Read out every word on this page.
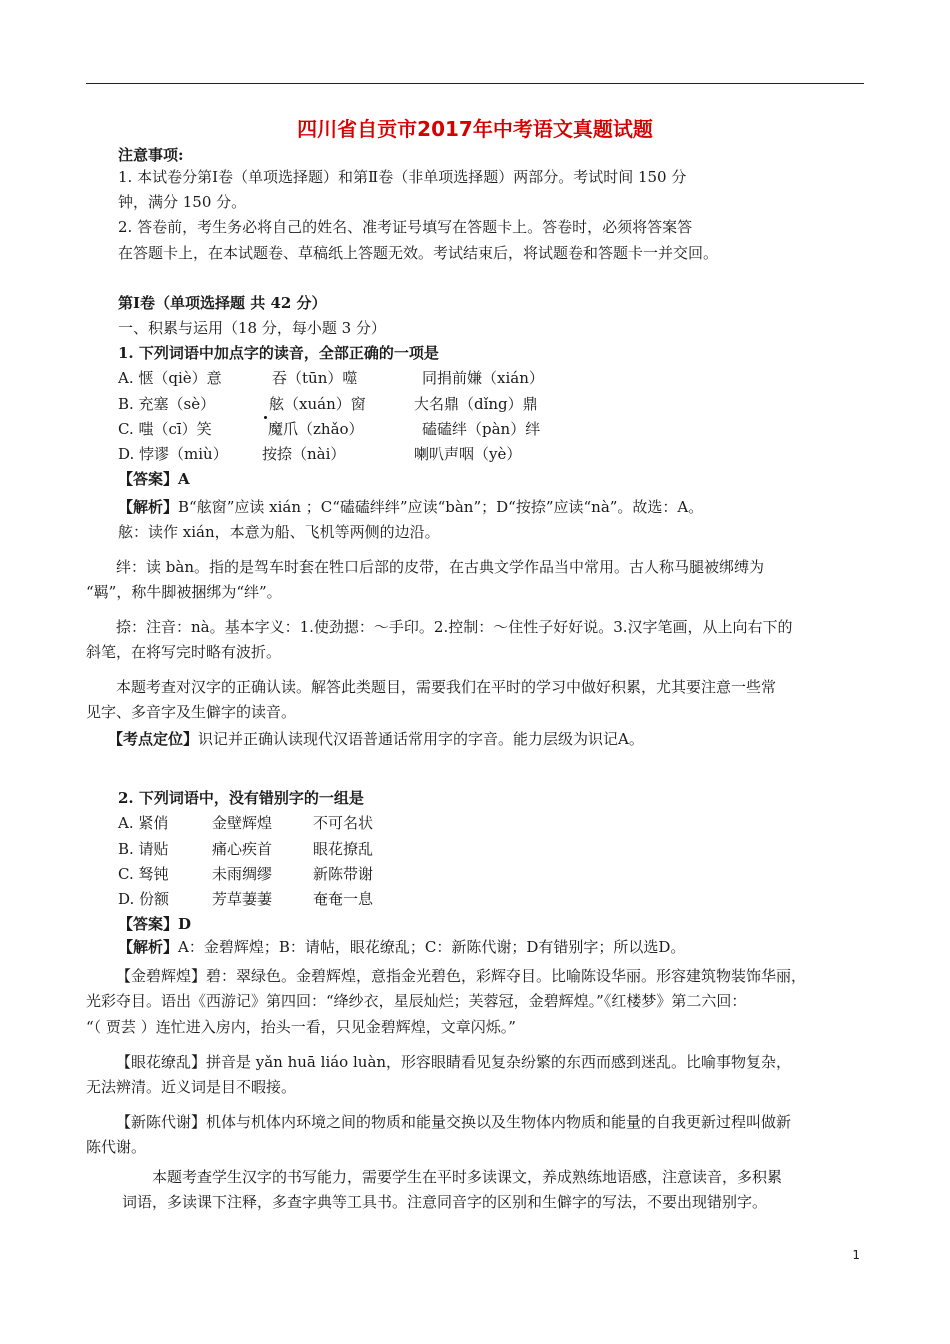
四川省自贡市2017年中考语文真题试题
注意事项:
1. 本试卷分第Ⅰ卷（单项选择题）和第Ⅱ卷（非单项选择题）两部分。考试时间 150 分
钟，满分 150 分。
2. 答卷前，考生务必将自己的姓名、准考证号填写在答题卡上。答卷时，必须将答案答
在答题卡上，在本试题卷、草稿纸上答题无效。考试结束后，将试题卷和答题卡一并交回。
第Ⅰ卷（单项选择题 共 42 分）
一、积累与运用（18 分，每小题 3 分）
1. 下列词语中加点字的读音，全部正确的一项是
A. 惬（qiè）意	吞（tūn）噬	同捐前嫌（xián）
B. 充塞（sè）	舷（xuán）窗	大名鼎（dǐng）鼎
C. 嗤（cī）笑	魔爪（zhǎo）	磕磕绊（pàn）绊
D. 悖谬（miù） 按捺（nài）	喇叭声咽（yè）
【答案】A
【解析】B“舷窗”应读 xián ；C“磕磕绊绊”应读“bàn”；D“按捺”应读“nà”。故选：A。
舷：读作 xián，本意为船、飞机等两侧的边沿。
绊：读 bàn。指的是驾车时套在牲口后部的皮带，在古典文学作品当中常用。古人称马腿被绑缚为
“羁”，称牛脚被捆绑为“绊”。
捺：注音：nà。基本字义：1.使劲摁：～手印。2.控制：～住性子好好说。3.汉字笔画，从上向右下的
斜笔，在将写完时略有波折。
本题考查对汉字的正确认读。解答此类题目，需要我们在平时的学习中做好积累，尤其要注意一些常
见字、多音字及生僻字的读音。
【考点定位】识记并正确认读现代汉语普通话常用字的字音。能力层级为识记A。
2. 下列词语中，没有错别字的一组是
A. 紧俏	金壁辉煌	不可名状
B. 请贴	痛心疾首	眼花撩乱
C. 驽钝	未雨绸缪	新陈带谢
D. 份额	芳草萋萋	奄奄一息
【答案】D
【解析】A：金碧辉煌；B：请帖，眼花缭乱；C：新陈代谢；D有错别字；所以选D。
【金碧辉煌】碧：翠绿色。金碧辉煌，意指金光碧色，彩辉夺目。比喻陈设华丽。形容建筑物装饰华丽，
光彩夺目。语出《西游记》第四回：“绛纱衣，星辰灿烂；芙蓉冠，金碧辉煌。”《红楼梦》第二六回：
“（ 贾芸 ）连忙进入房内，抬头一看，只见金碧辉煌，文章闪烁。”
【眼花缭乱】拼音是 yǎn huā liáo luàn，形容眼睛看见复杂纷繁的东西而感到迷乱。比喻事物复杂，
无法辨清。近义词是目不暇接。
【新陈代谢】机体与机体内环境之间的物质和能量交换以及生物体内物质和能量的自我更新过程叫做新
陈代谢。
本题考查学生汉字的书写能力，需要学生在平时多读课文，养成熟练地语感，注意读音，多积累
词语，多读课下注释，多查字典等工具书。注意同音字的区别和生僻字的写法，不要出现错别字。
1
